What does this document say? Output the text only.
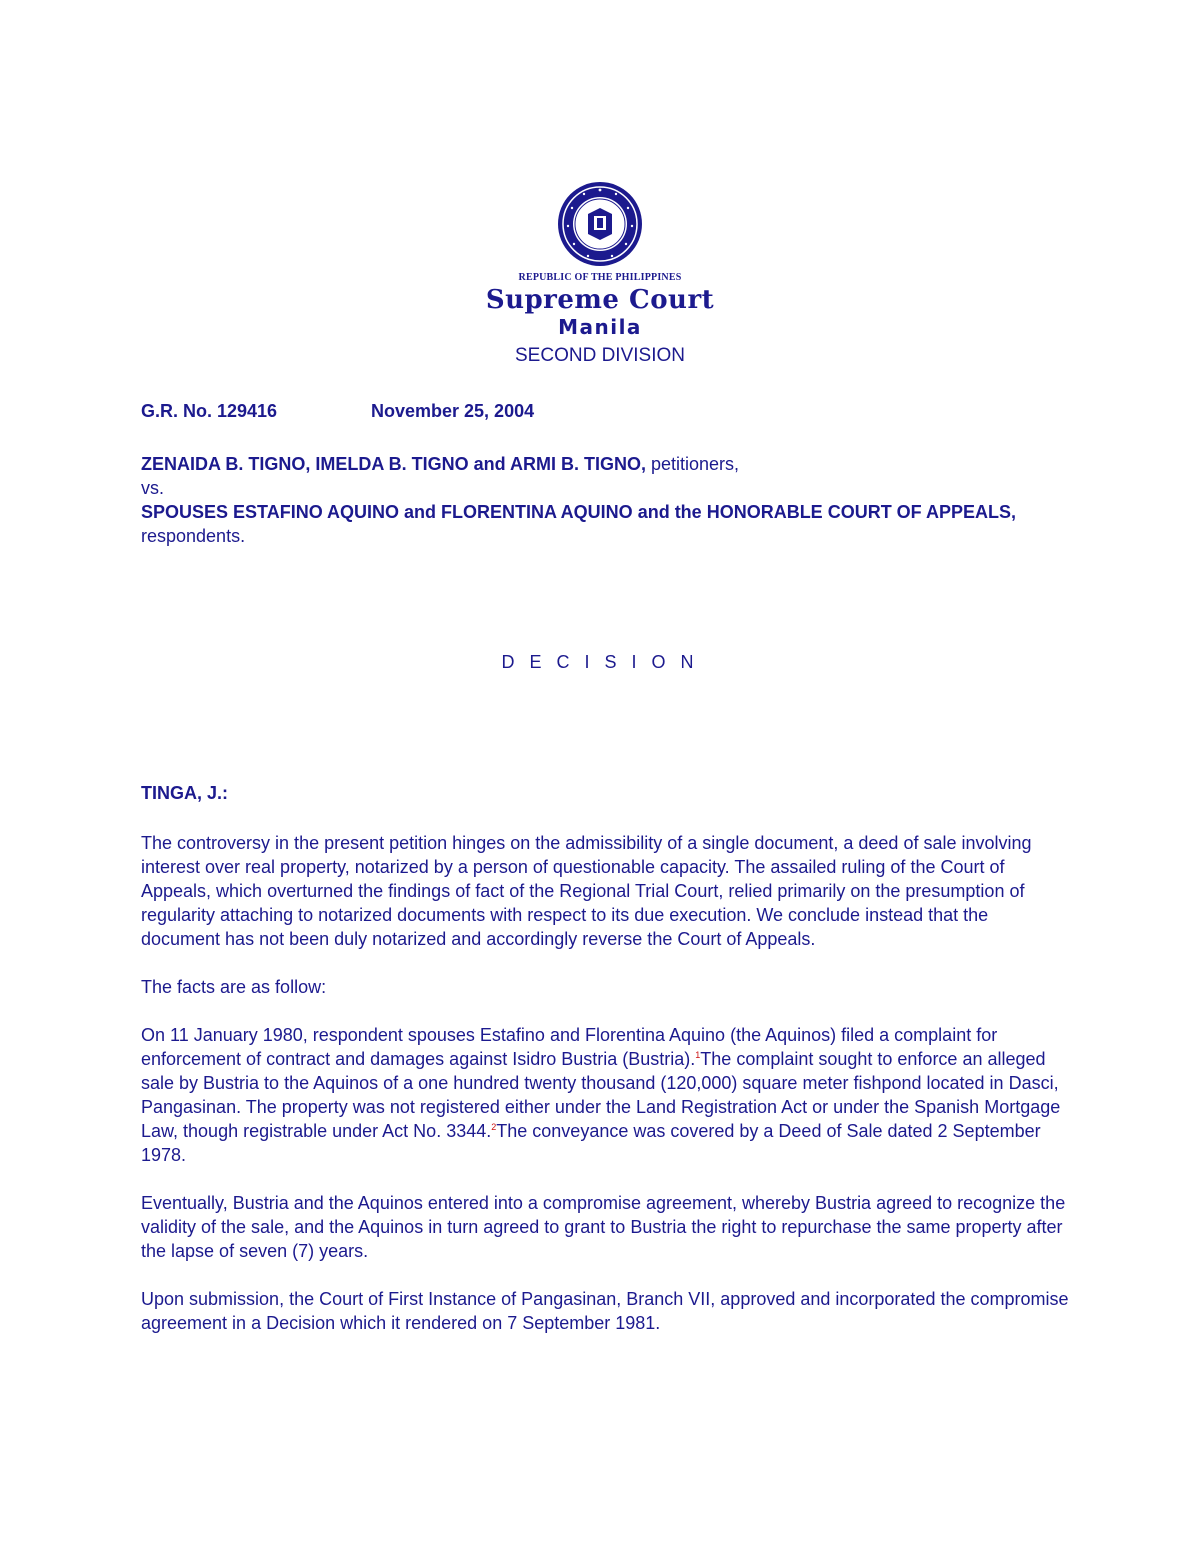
REPUBLIC OF THE PHILIPPINES
Supreme Court
Manila
SECOND DIVISION
G.R. No. 129416	November 25, 2004
ZENAIDA B. TIGNO, IMELDA B. TIGNO and ARMI B. TIGNO, petitioners,
vs.
SPOUSES ESTAFINO AQUINO and FLORENTINA AQUINO and the HONORABLE COURT OF APPEALS, respondents.
D E C I S I O N
TINGA, J.:

The controversy in the present petition hinges on the admissibility of a single document, a deed of sale involving interest over real property, notarized by a person of questionable capacity. The assailed ruling of the Court of Appeals, which overturned the findings of fact of the Regional Trial Court, relied primarily on the presumption of regularity attaching to notarized documents with respect to its due execution. We conclude instead that the document has not been duly notarized and accordingly reverse the Court of Appeals.

The facts are as follow:

On 11 January 1980, respondent spouses Estafino and Florentina Aquino (the Aquinos) filed a complaint for enforcement of contract and damages against Isidro Bustria (Bustria).$^1$The complaint sought to enforce an alleged sale by Bustria to the Aquinos of a one hundred twenty thousand (120,000) square meter fishpond located in Dasci, Pangasinan. The property was not registered either under the Land Registration Act or under the Spanish Mortgage Law, though registrable under Act No. 3344.$^2$The conveyance was covered by a Deed of Sale dated 2 September 1978.

Eventually, Bustria and the Aquinos entered into a compromise agreement, whereby Bustria agreed to recognize the validity of the sale, and the Aquinos in turn agreed to grant to Bustria the right to repurchase the same property after the lapse of seven (7) years.

Upon submission, the Court of First Instance of Pangasinan, Branch VII, approved and incorporated the compromise agreement in a Decision which it rendered on 7 September 1981.
